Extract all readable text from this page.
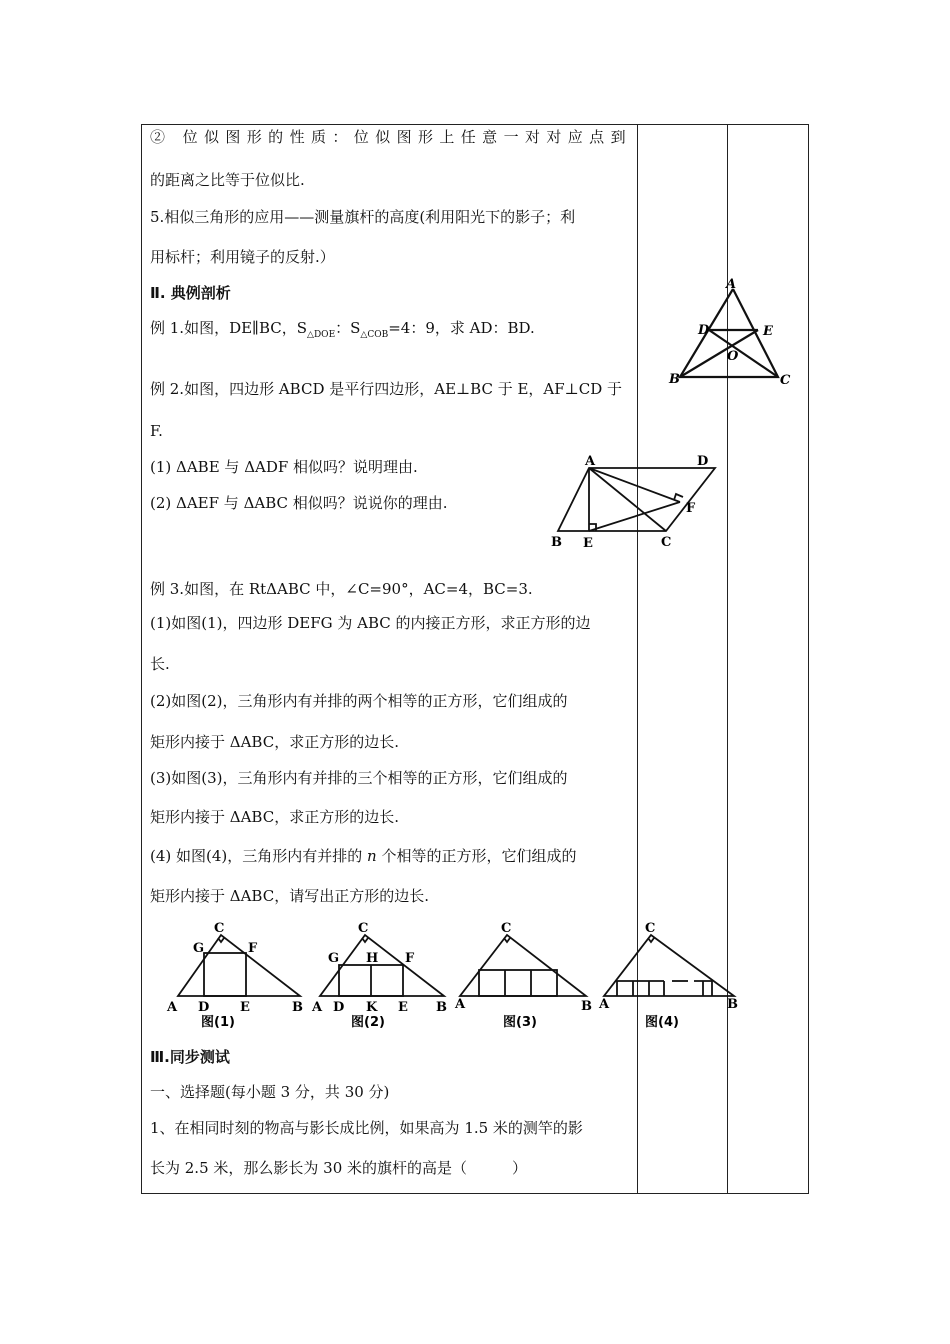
② 位似图形的性质：位似图形上任意一对对应点到
的距离之比等于位似比.
5.相似三角形的应用——测量旗杆的高度(利用阳光下的影子；利
用标杆；利用镜子的反射.）
Ⅱ. 典例剖析
例 1.如图，DE∥BC，$S_{\triangle DOE}$：$S_{\triangle COB}=4$：9，求 AD：BD.
例 2.如图，四边形 ABCD 是平行四边形，AE⊥BC 于 E，AF⊥CD 于
F.
(1) ΔABE 与 ΔADF 相似吗？说明理由.
(2) ΔAEF 与 ΔABC 相似吗？说说你的理由.
例 3.如图，在 RtΔABC 中，∠C=90°，AC=4，BC=3.
(1)如图(1)，四边形 DEFG 为 ABC 的内接正方形，求正方形的边
长.
(2)如图(2)，三角形内有并排的两个相等的正方形，它们组成的
矩形内接于 ΔABC，求正方形的边长.
(3)如图(3)，三角形内有并排的三个相等的正方形，它们组成的
矩形内接于 ΔABC，求正方形的边长.
(4) 如图(4)，三角形内有并排的 n 个相等的正方形，它们组成的
矩形内接于 ΔABC，请写出正方形的边长.
Ⅲ.同步测试
一、选择题(每小题 3 分，共 30 分)
1、在相同时刻的物高与影长成比例，如果高为 1.5 米的测竿的影
长为 2.5 米，那么影长为 30 米的旗杆的高是（　　　）
A
B	C
D	E
O
A	D
B E	C
F
C
G	F
A D E	B
图(1)
C
G H F
A D K E B
图(2)
C
A	B
图(3)
C
A	B
图(4)
